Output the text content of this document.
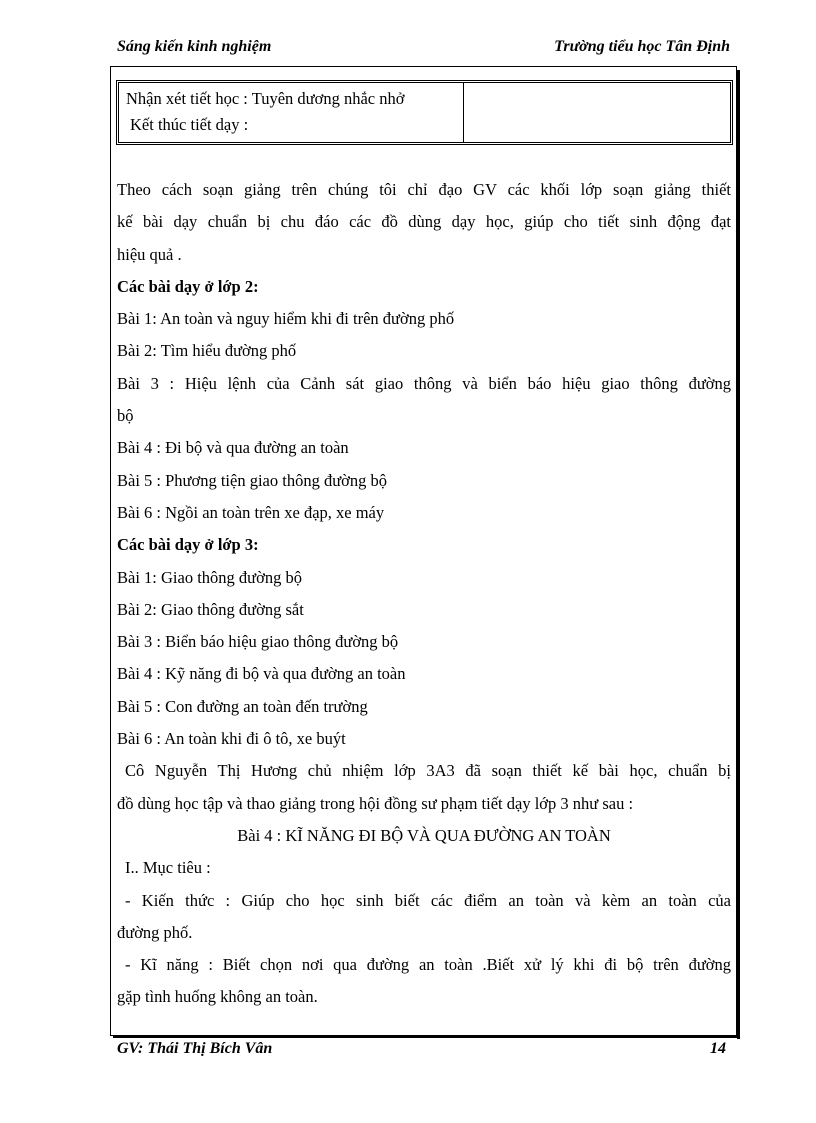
Sáng kiến kinh nghiệm	Trường tiểu học Tân Định
Nhận xét tiết học : Tuyên dương nhắc nhở
Kết thúc tiết dạy :
Theo cách soạn giảng trên chúng tôi chỉ đạo GV các khối lớp soạn giảng thiết
kế bài dạy chuẩn bị chu đáo các đồ dùng dạy học, giúp cho tiết sinh động đạt
hiệu quả .
Các bài dạy ở lớp 2:
Bài 1: An toàn và nguy hiểm khi đi trên đường phố
Bài 2: Tìm hiểu đường phố
Bài 3 : Hiệu lệnh của Cảnh sát giao thông và biển báo hiệu giao thông đường
bộ
Bài 4 : Đi bộ và qua đường an toàn
Bài 5 : Phương tiện giao thông đường bộ
Bài 6 : Ngồi an toàn trên xe đạp, xe máy
Các bài dạy ở lớp 3:
Bài 1: Giao thông đường bộ
Bài 2: Giao thông đường sắt
Bài 3 : Biển báo hiệu giao thông đường bộ
Bài 4 : Kỹ năng đi bộ và qua đường an toàn
Bài 5 : Con đường an toàn đến trường
Bài 6 : An toàn khi đi ô tô, xe buýt
Cô Nguyễn Thị Hương chủ nhiệm lớp 3A3 đã soạn thiết kế bài học, chuẩn bị
đồ dùng học tập và thao giảng trong hội đồng sư phạm tiết dạy lớp 3 như sau :
Bài 4 : KĨ NĂNG ĐI BỘ VÀ QUA ĐƯỜNG AN TOÀN
I.. Mục tiêu :
- Kiến thức : Giúp cho học sinh biết các điểm an toàn và kèm an toàn của
đường phố.
- Kĩ năng : Biết chọn nơi qua đường an toàn .Biết xử lý khi đi bộ trên đường
gặp tình huống không an toàn.
GV: Thái Thị Bích Vân	14
